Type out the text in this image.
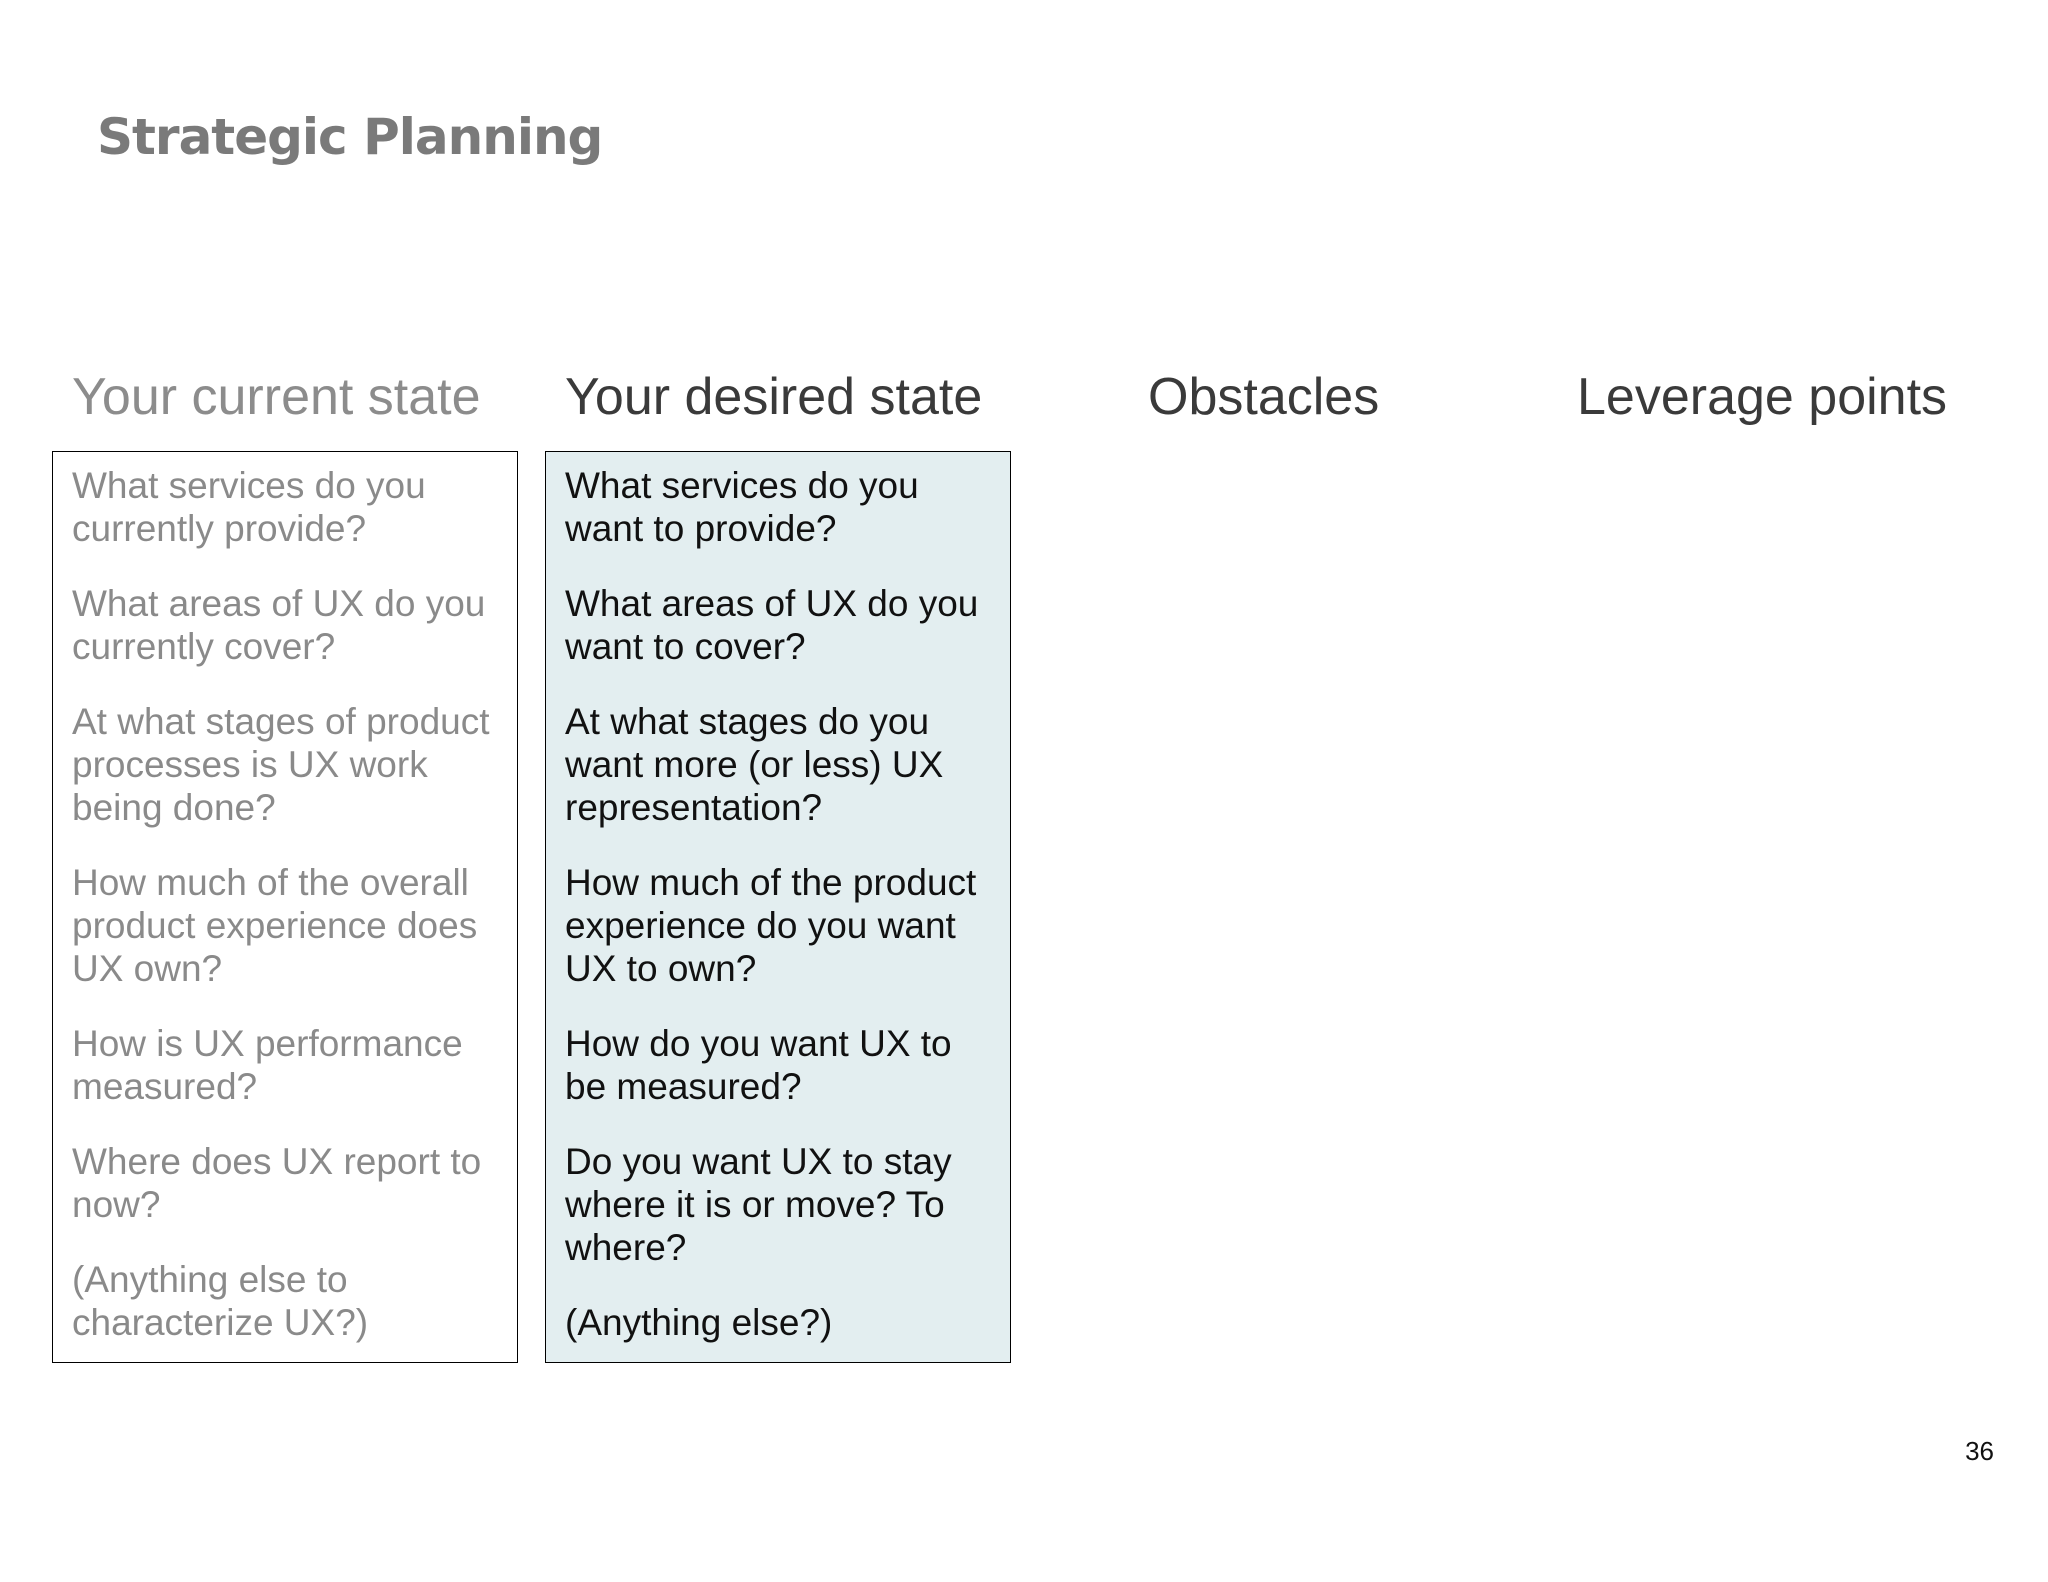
Strategic Planning
Your current state Your desired state	Obstacles	Leverage points
What services do you currently provide?
What areas of UX do you currently cover?
At what stages of product processes is UX work being done?
How much of the overall product experience does UX own?
How is UX performance measured?
Where does UX report to now?
(Anything else to characterize UX?)
What services do you want to provide?
What areas of UX do you want to cover?
At what stages do you want more (or less) UX representation?
How much of the product experience do you want UX to own?
How do you want UX to be measured?
Do you want UX to stay where it is or move? To where?
(Anything else?)
36
